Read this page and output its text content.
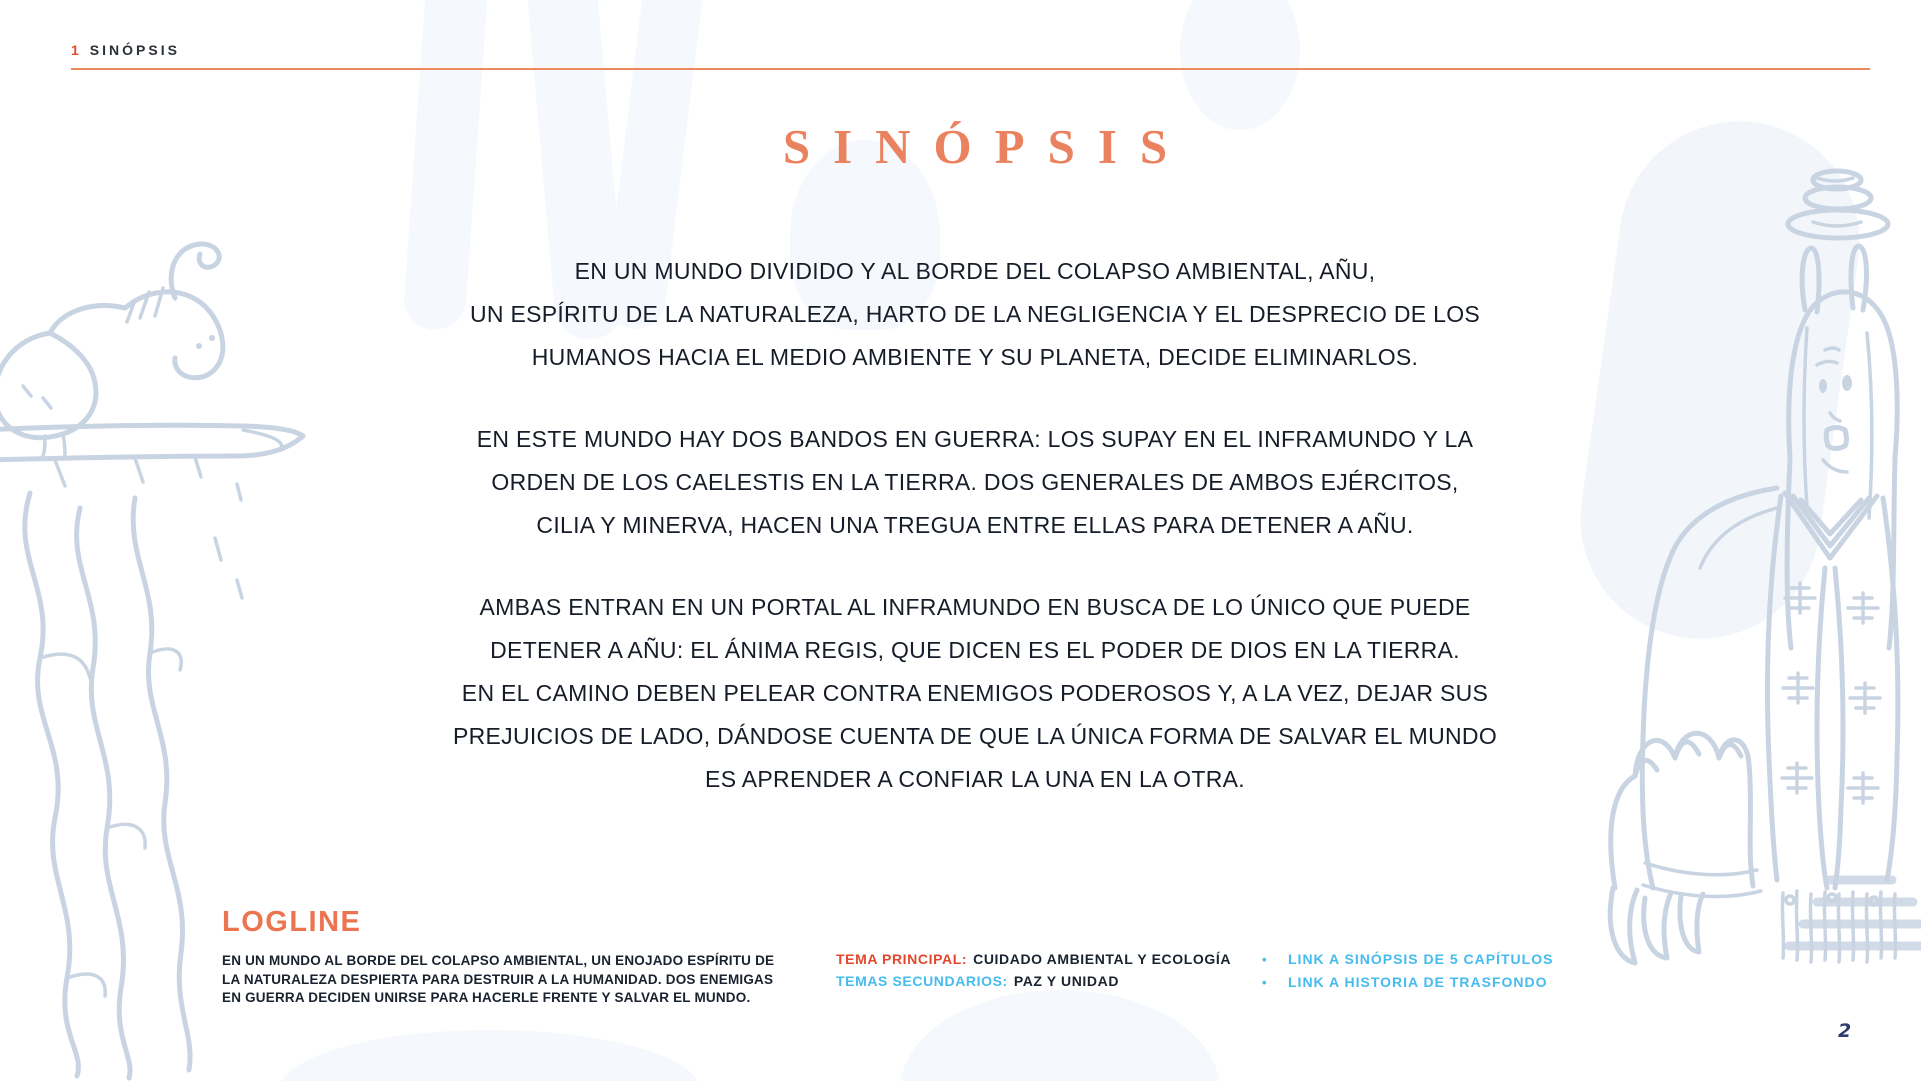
1 SINÓPSIS
SINÓPSIS
EN UN MUNDO DIVIDIDO Y AL BORDE DEL COLAPSO AMBIENTAL, AÑU,
UN ESPÍRITU DE LA NATURALEZA, HARTO DE LA NEGLIGENCIA Y EL DESPRECIO DE LOS
HUMANOS HACIA EL MEDIO AMBIENTE Y SU PLANETA, DECIDE ELIMINARLOS.
EN ESTE MUNDO HAY DOS BANDOS EN GUERRA: LOS SUPAY EN EL INFRAMUNDO Y LA
ORDEN DE LOS CAELESTIS EN LA TIERRA. DOS GENERALES DE AMBOS EJÉRCITOS,
CILIA Y MINERVA, HACEN UNA TREGUA ENTRE ELLAS PARA DETENER A AÑU.
AMBAS ENTRAN EN UN PORTAL AL INFRAMUNDO EN BUSCA DE LO ÚNICO QUE PUEDE
DETENER A AÑU: EL ÁNIMA REGIS, QUE DICEN ES EL PODER DE DIOS EN LA TIERRA.
EN EL CAMINO DEBEN PELEAR CONTRA ENEMIGOS PODEROSOS Y, A LA VEZ, DEJAR SUS
PREJUICIOS DE LADO, DÁNDOSE CUENTA DE QUE LA ÚNICA FORMA DE SALVAR EL MUNDO
ES APRENDER A CONFIAR LA UNA EN LA OTRA.
LOGLINE
EN UN MUNDO AL BORDE DEL COLAPSO AMBIENTAL, UN ENOJADO ESPÍRITU DE
LA NATURALEZA DESPIERTA PARA DESTRUIR A LA HUMANIDAD. DOS ENEMIGAS
EN GUERRA DECIDEN UNIRSE PARA HACERLE FRENTE Y SALVAR EL MUNDO.
TEMA PRINCIPAL: CUIDADO AMBIENTAL Y ECOLOGÍA
TEMAS SECUNDARIOS: PAZ Y UNIDAD
• LINK A SINÓPSIS DE 5 CAPÍTULOS
• LINK A HISTORIA DE TRASFONDO
2
